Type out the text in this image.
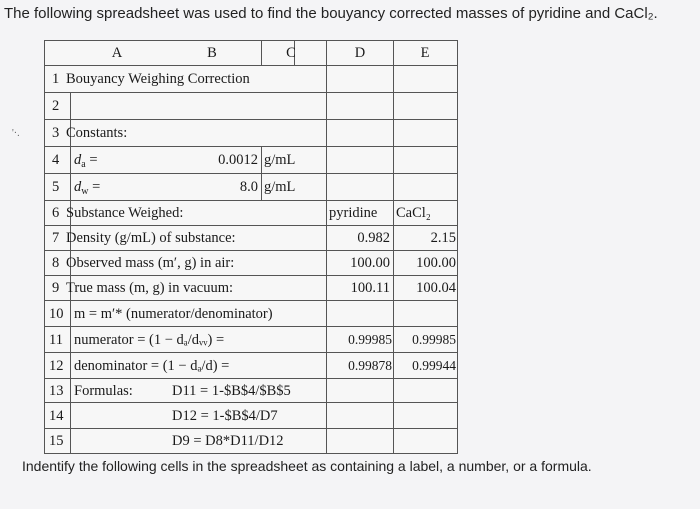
The following spreadsheet was used to find the bouyancy corrected masses of pyridine and CaCl₂.
'·.
A	B	C	D	E
1 Bouyancy Weighing Correction
2
3 Constants:
4 $d_a$ =	0.0012 g/mL
5 $d_w$ =	8.0 g/mL
6 Substance Weighed:	pyridine CaCl₂
7 Density (g/mL) of substance:	0.982	2.15
8 Observed mass (m′, g) in air:	100.00	100.00
9 True mass (m, g) in vacuum:	100.11	100.04
10 m = m′* (numerator/denominator)
11 numerator = (1 − dₐ/dᵥᵥ) =	0.99985	0.99985
12 denominator = (1 − dₐ/d) =	0.99878	0.99944
13 Formulas:	D11 = 1-$B$4/$B$5
14	D12 = 1-$B$4/D7
15	D9 = D8*D11/D12
Indentify the following cells in the spreadsheet as containing a label, a number, or a formula.
